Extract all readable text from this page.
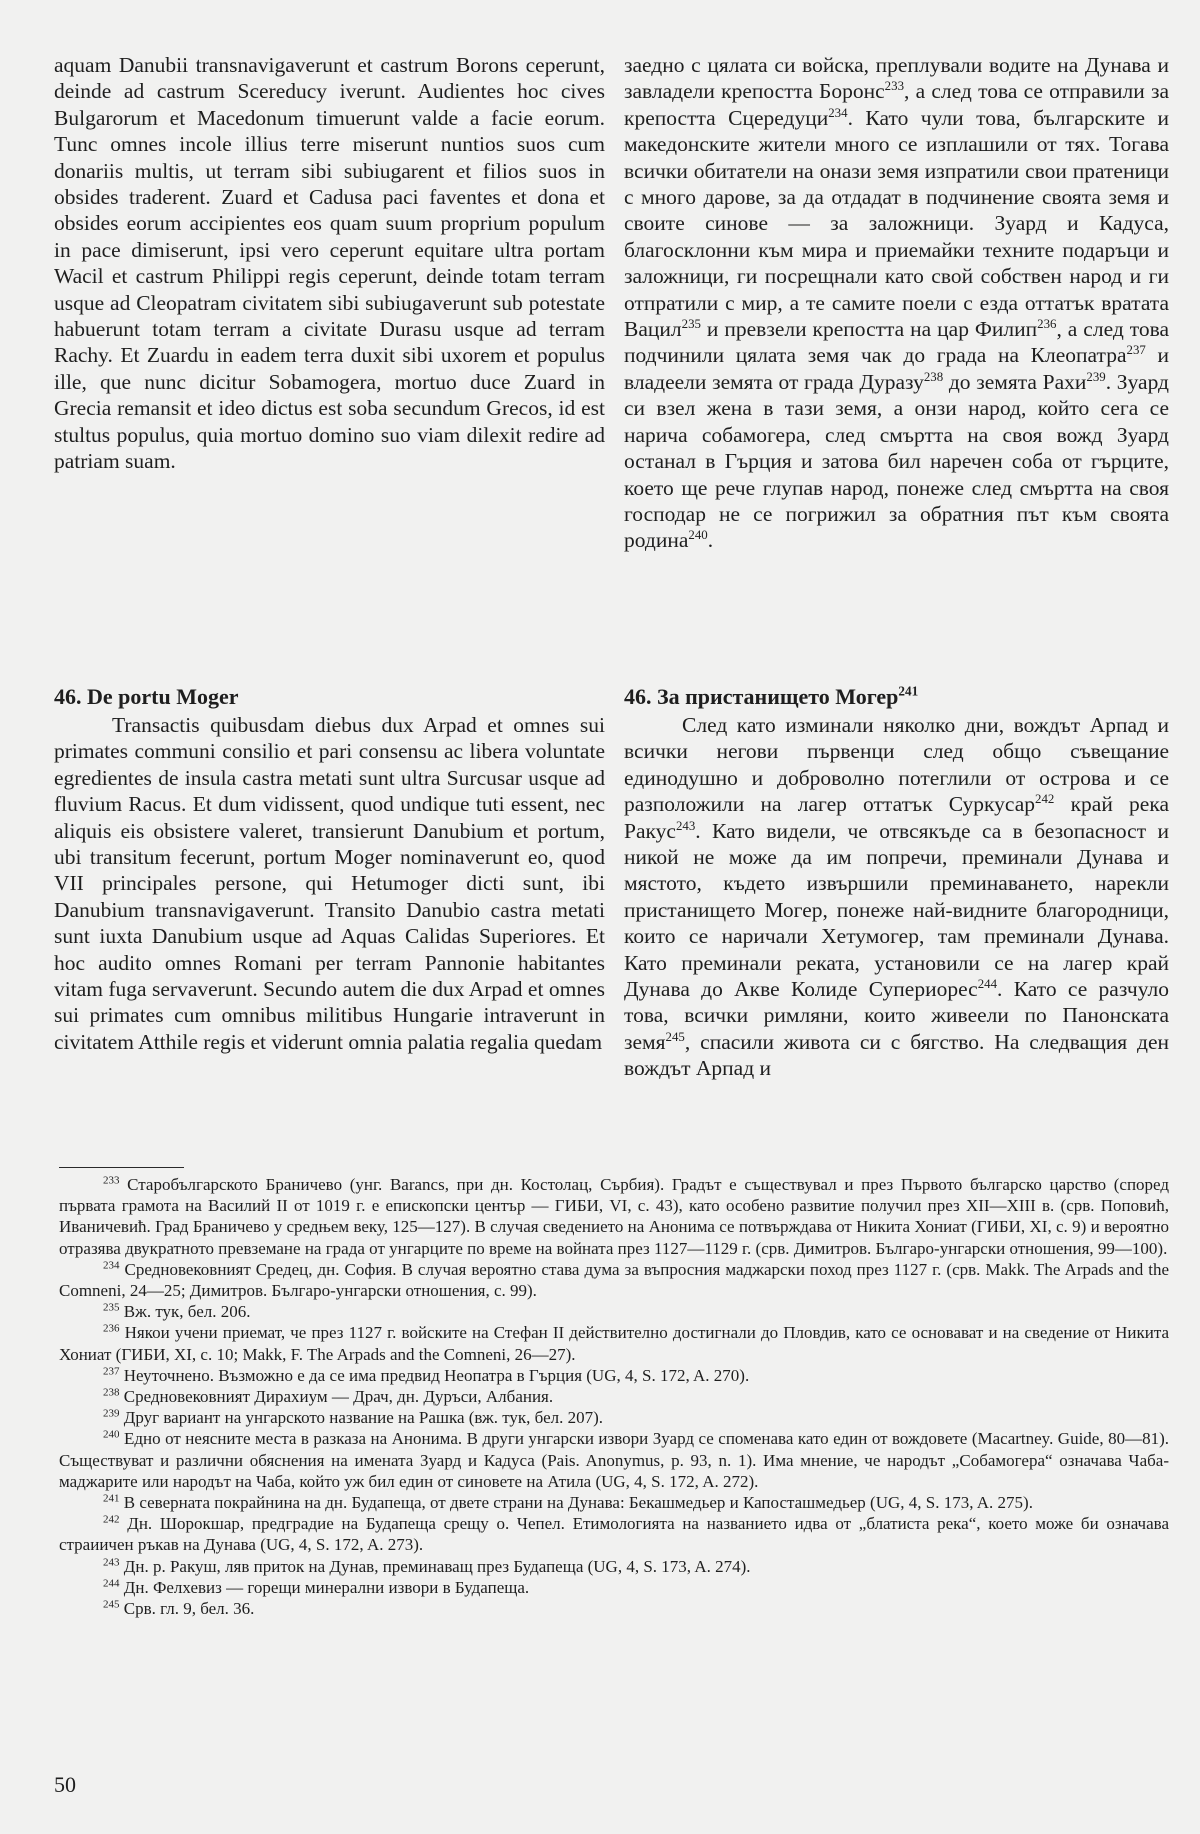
aquam Danubii transnavigaverunt et castrum Borons ceperunt, deinde ad castrum Scereducy iverunt. Audientes hoc cives Bulgarorum et Macedonum timuerunt valde a facie eorum. Tunc omnes incole illius terre miserunt nuntios suos cum donariis multis, ut terram sibi subiugarent et filios suos in obsides traderent. Zuard et Cadusa paci faventes et dona et obsides eorum accipientes eos quam suum proprium populum in pace dimiserunt, ipsi vero ceperunt equitare ultra portam Wacil et castrum Philippi regis ceperunt, deinde totam terram usque ad Cleopatram civitatem sibi subiugaverunt sub potestate habuerunt totam terram a civitate Durasu usque ad terram Rachy. Et Zuardu in eadem terra duxit sibi uxorem et populus ille, que nunc dicitur Sobamogera, mortuo duce Zuard in Grecia remansit et ideo dictus est soba secundum Grecos, id est stultus populus, quia mortuo domino suo viam dilexit redire ad patriam suam.

заедно с цялата си войска, преплували водите на Дунава и завладели крепостта Боронс$^{233}$, а след това се отправили за крепостта Сцередуци$^{234}$. Като чули това, българските и македонските жители много се изплашили от тях. Тогава всички обитатели на онази земя изпратили свои пратеници с много дарове, за да отдадат в подчинение своята земя и своите синове — за заложници. Зуард и Кадуса, благосклонни към мира и приемайки техните подаръци и заложници, ги посрещнали като свой собствен народ и ги отпратили с мир, а те самите поели с езда оттатък вратата Вацил$^{235}$ и превзели крепостта на цар Филип$^{236}$, а след това подчинили цялата земя чак до града на Клеопатра$^{237}$ и владеели земята от града Дуразу$^{238}$ до земята Рахи$^{239}$. Зуард си взел жена в тази земя, а онзи народ, който сега се нарича собамогера, след смъртта на своя вожд Зуард останал в Гърция и затова бил наречен соба от гърците, което ще рече глупав народ, понеже след смъртта на своя господар не се погрижил за обратния път към своята родина$^{240}$.

46. De portu Moger

Transactis quibusdam diebus dux Arpad et omnes sui primates communi consilio et pari consensu ac libera voluntate egredientes de insula castra metati sunt ultra Surcusar usque ad fluvium Racus. Et dum vidissent, quod undique tuti essent, nec aliquis eis obsistere valeret, transierunt Danubium et portum, ubi transitum fecerunt, portum Moger nominaverunt eo, quod VII principales persone, qui Hetumoger dicti sunt, ibi Danubium transnavigaverunt. Transito Danubio castra metati sunt iuxta Danubium usque ad Aquas Calidas Superiores. Et hoc audito omnes Romani per terram Pannonie habitantes vitam fuga servaverunt. Secundo autem die dux Arpad et omnes sui primates cum omnibus militibus Hungarie intraverunt in civitatem Atthile regis et viderunt omnia palatia regalia quedam

46. За пристанището Могер$^{241}$

След като изминали няколко дни, вождът Арпад и всички негови първенци след общо съвещание единодушно и доброволно потеглили от острова и се разположили на лагер оттатък Суркусар$^{242}$ край река Ракус$^{243}$. Като видели, че отвсякъде са в безопасност и никой не може да им попречи, преминали Дунава и мястото, където извършили преминаването, нарекли пристанището Могер, понеже най-видните благородници, които се наричали Хетумогер, там преминали Дунава. Като преминали реката, установили се на лагер край Дунава до Акве Колиде Супериорес$^{244}$. Като се разчуло това, всички римляни, които живеели по Панонската земя$^{245}$, спасили живота си с бягство. На следващия ден вождът Арпад и

$^{233}$ Старобългарското Браничево (унг. Barancs, при дн. Костолац, Сърбия). Градът е съществувал и през Първото българско царство (според първата грамота на Василий II от 1019 г. е епископски център — ГИБИ, VI, с. 43), като особено развитие получил през XII—XIII в. (срв. Поповић, Иваничевић. Град Браничево у средњем веку, 125—127). В случая сведението на Анонима се потвърждава от Никита Хониат (ГИБИ, XI, с. 9) и вероятно отразява двукратното превземане на града от унгарците по време на войната през 1127—1129 г. (срв. Димитров. Българо-унгарски отношения, 99—100).

$^{234}$ Средновековният Средец, дн. София. В случая вероятно става дума за въпросния маджарски поход през 1127 г. (срв. Makk. The Arpads and the Comneni, 24—25; Димитров. Българо-унгарски отношения, с. 99).

$^{235}$ Вж. тук, бел. 206.

$^{236}$ Някои учени приемат, че през 1127 г. войските на Стефан II действително достигнали до Пловдив, като се основават и на сведение от Никита Хониат (ГИБИ, XI, с. 10; Makk, F. The Arpads and the Comneni, 26—27).

$^{237}$ Неуточнено. Възможно е да се има предвид Неопатра в Гърция (UG, 4, S. 172, A. 270).

$^{238}$ Средновековният Дирахиум — Драч, дн. Дуръси, Албания.

$^{239}$ Друг вариант на унгарското название на Рашка (вж. тук, бел. 207).

$^{240}$ Едно от неясните места в разказа на Анонима. В други унгарски извори Зуард се споменава като един от вождовете (Macartney. Guide, 80—81). Съществуват и различни обяснения на имената Зуард и Кадуса (Pais. Anonymus, p. 93, n. 1). Има мнение, че народът „Собамогера“ означава Чаба-маджарите или народът на Чаба, който уж бил един от синовете на Атила (UG, 4, S. 172, A. 272).

$^{241}$ В северната покрайнина на дн. Будапеща, от двете страни на Дунава: Бекашмедьер и Капосташмедьер (UG, 4, S. 173, A. 275).

$^{242}$ Дн. Шорокшар, предградие на Будапеща срещу о. Чепел. Етимологията на названието идва от „блатиста река“, което може би означава страиичен ръкав на Дунава (UG, 4, S. 172, A. 273).

$^{243}$ Дн. р. Ракуш, ляв приток на Дунав, преминаващ през Будапеща (UG, 4, S. 173, A. 274).

$^{244}$ Дн. Фелхевиз — горещи минерални извори в Будапеща.

$^{245}$ Срв. гл. 9, бел. 36.

50
